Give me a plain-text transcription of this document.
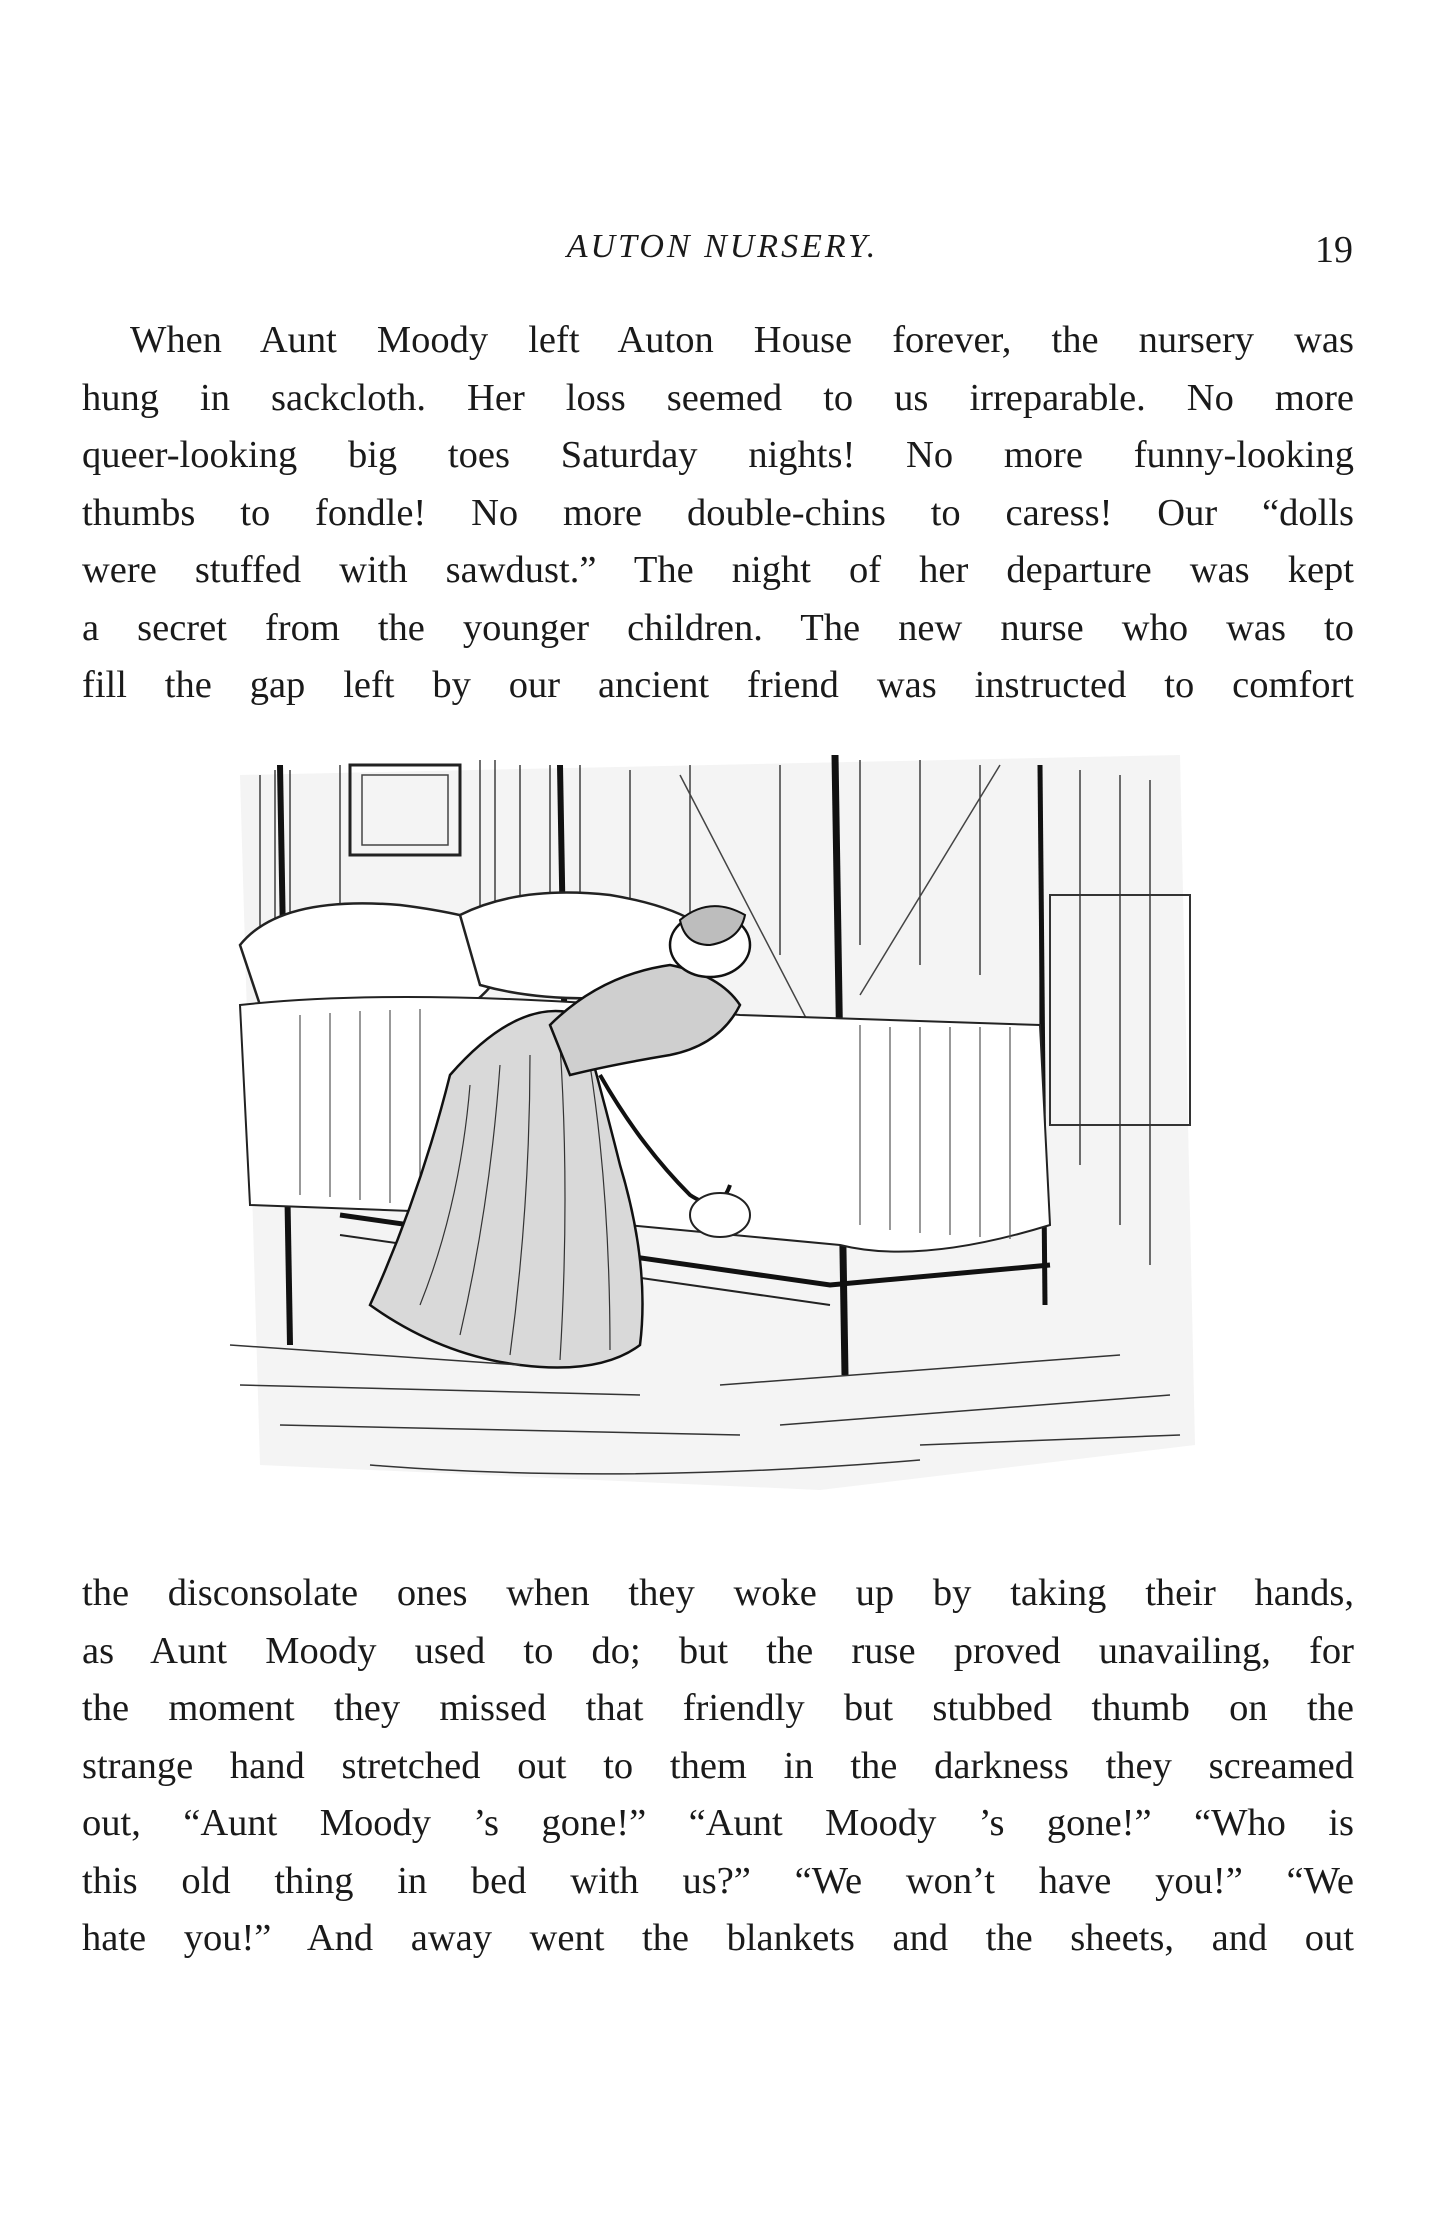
AUTON NURSERY.	19
When Aunt Moody left Auton House forever, the nursery was
hung in sackcloth. Her loss seemed to us irreparable. No more
queer-looking big toes Saturday nights! No more funny-looking
thumbs to fondle! No more double-chins to caress! Our “dolls
were stuffed with sawdust.” The night of her departure was kept
a secret from the younger children. The new nurse who was to
fill the gap left by our ancient friend was instructed to comfort
the disconsolate ones when they woke up by taking their hands,
as Aunt Moody used to do; but the ruse proved unavailing, for
the moment they missed that friendly but stubbed thumb on the
strange hand stretched out to them in the darkness they screamed
out, “Aunt Moody ’s gone!” “Aunt Moody ’s gone!” “Who is
this old thing in bed with us?” “We won’t have you!” “We
hate you!” And away went the blankets and the sheets, and out
